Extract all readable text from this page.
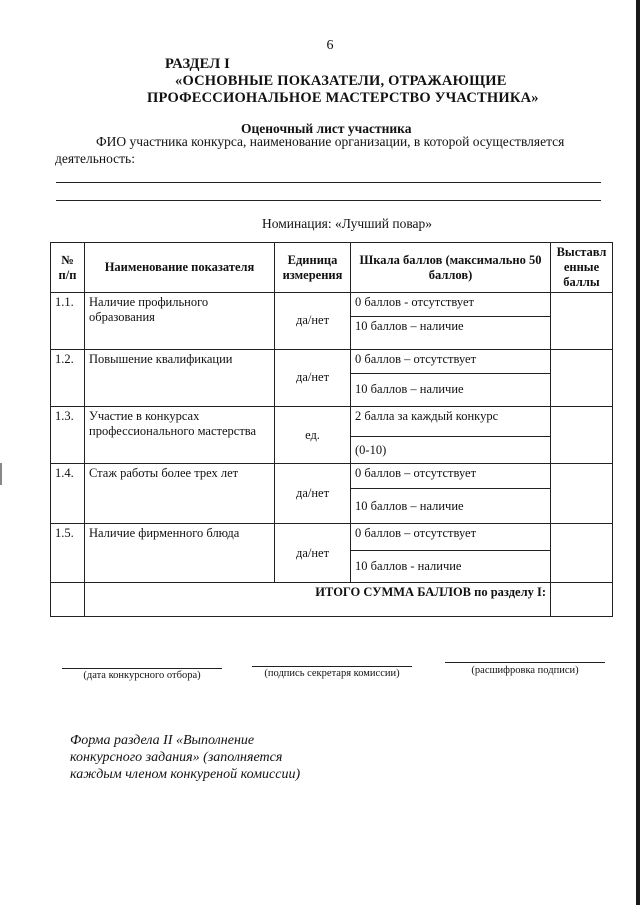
6
РАЗДЕЛ I
«ОСНОВНЫЕ ПОКАЗАТЕЛИ, ОТРАЖАЮЩИЕ
ПРОФЕССИОНАЛЬНОЕ МАСТЕРСТВО УЧАСТНИКА»
Оценочный лист участника
ФИО участника конкурса, наименование организации, в которой осуществляется
деятельность:
Номинация: «Лучший повар»
№ п/п	Наименование показателя	Единица измерения	Шкала баллов (максимально 50 баллов)	Выставл енные баллы
1.1.	Наличие профильного образования	да/нет	0 баллов - отсутствует	
			10 баллов – наличие	
1.2.	Повышение квалификации	да/нет	0 баллов – отсутствует	
			10 баллов – наличие	
1.3.	Участие в конкурсах профессионального мастерства	ед.	2 балла за каждый конкурс	
			(0-10)	
1.4.	Стаж работы более трех лет	да/нет	0 баллов – отсутствует	
			10 баллов – наличие	
1.5.	Наличие фирменного блюда	да/нет	0 баллов – отсутствует	
			10 баллов - наличие	
	ИТОГО СУММА БАЛЛОВ по разделу I:			
(дата конкурсного отбора)	(подпись секретаря комиссии)	(расшифровка подписи)
Форма раздела II «Выполнение
конкурсного задания» (заполняется
каждым членом конкуреной комиссии)
